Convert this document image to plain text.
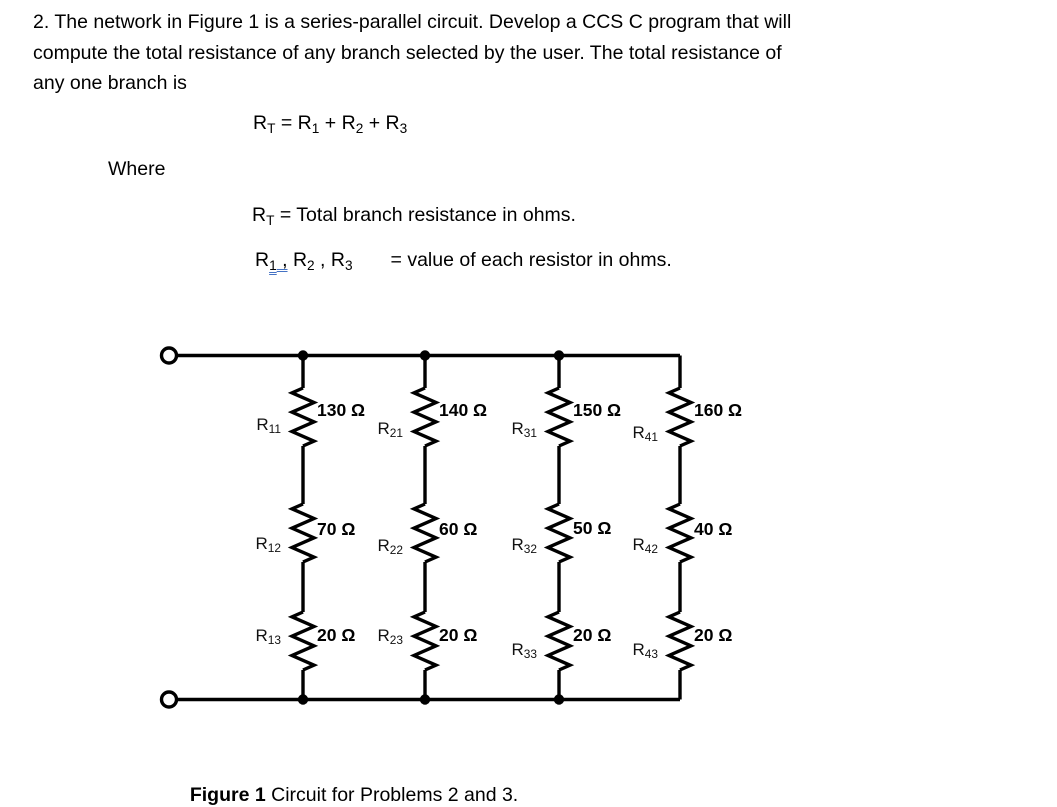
2. The network in Figure 1 is a series-parallel circuit. Develop a CCS C program that will
compute the total resistance of any branch selected by the user. The total resistance of
any one branch is
RT = R1 + R2 + R3
Where
RT = Total branch resistance in ohms.
R1 , R2 , R3       = value of each resistor in ohms.
R11
130 Ω
R12
70 Ω
R13 20 Ω
R21
140 Ω
R22
60 Ω
R23 20 Ω
R31
150 Ω
R32
50 Ω
R33
20 Ω
R41
160 Ω
R42
40 Ω
R43
20 Ω

Figure 1 Circuit for Problems 2 and 3.
